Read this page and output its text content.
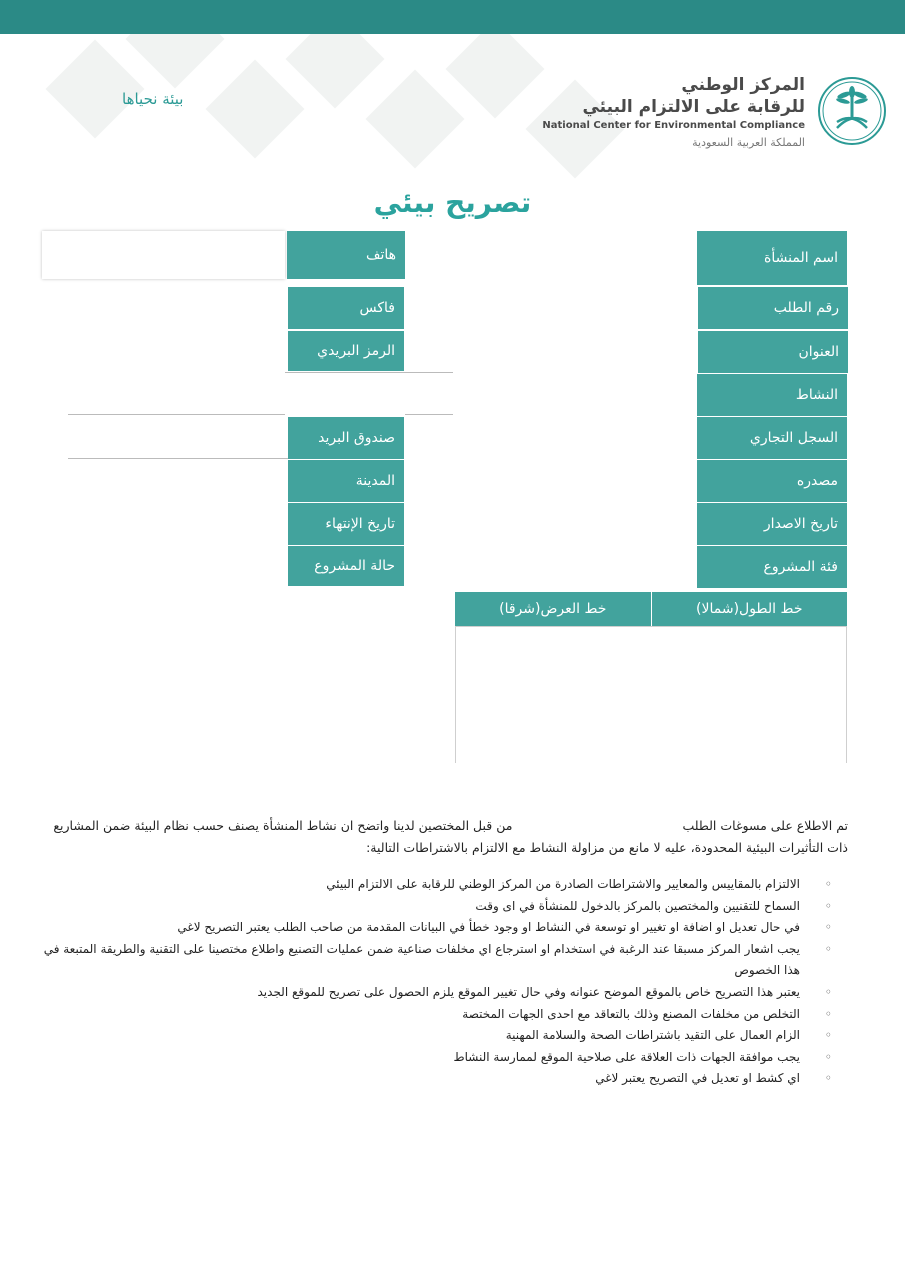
بيئة نحياها
المركز الوطني
للرقابة على الالتزام البيئي
National Center for Environmental Compliance
المملكة العربية السعودية
تصريح بيئي
اسم المنشأة
رقم الطلب
العنوان
النشاط
السجل التجاري
مصدره
تاريخ الاصدار
فئة المشروع
هاتف
فاكس
الرمز البريدي
صندوق البريد
المدينة
تاريخ الإنتهاء
حالة المشروع
خط العرض(شرقا)	خط الطول(شمالا)
تم الاطلاع على مسوغات الطلبمن قبل المختصين لدينا واتضح ان نشاط المنشأة يصنف حسب نظام البيئة ضمن المشاريع ذات التأثيرات البيئية المحدودة، عليه لا مانع من مزاولة النشاط مع الالتزام بالاشتراطات التالية:
◦
الالتزام بالمقاييس والمعايير والاشتراطات الصادرة من المركز الوطني للرقابة على الالتزام البيئي
◦
السماح للتقنيين والمختصين بالمركز بالدخول للمنشأة في اى وقت
◦
في حال تعديل او اضافة او تغيير او توسعة في النشاط او وجود خطأ في البيانات المقدمة من صاحب الطلب يعتبر التصريح لاغي
◦
يجب اشعار المركز مسبقا عند الرغبة في استخدام او استرجاع اي مخلفات صناعية ضمن عمليات التصنيع واطلاع مختصينا على التقنية والطريقة المتبعة في هذا الخصوص
◦
يعتبر هذا التصريح خاص بالموقع الموضح عنوانه وفي حال تغيير الموقع يلزم الحصول على تصريح للموقع الجديد
◦
التخلص من مخلفات المصنع وذلك بالتعاقد مع احدى الجهات المختصة
◦
الزام العمال على التقيد باشتراطات الصحة والسلامة المهنية
◦
يجب موافقة الجهات ذات العلاقة على صلاحية الموقع لممارسة النشاط
◦
اي كشط او تعديل في التصريح يعتبر لاغي
